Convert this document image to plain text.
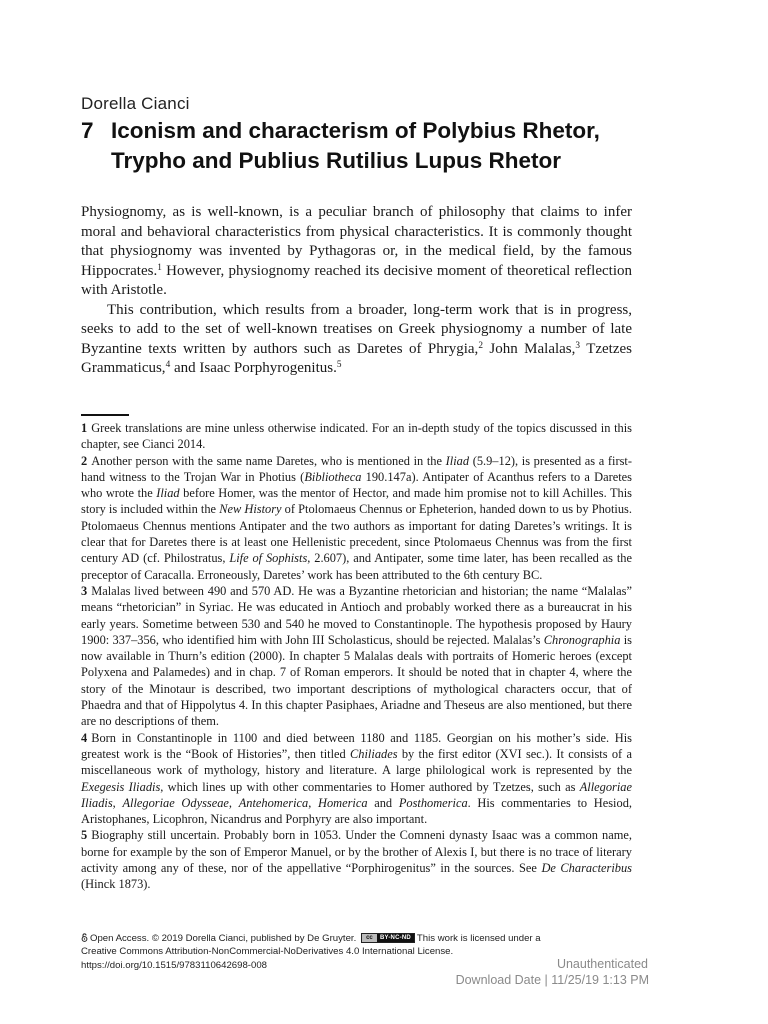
Dorella Cianci
7 Iconism and characterism of Polybius Rhetor, Trypho and Publius Rutilius Lupus Rhetor

Physiognomy, as is well-known, is a peculiar branch of philosophy that claims to infer moral and behavioral characteristics from physical characteristics. It is commonly thought that physiognomy was invented by Pythagoras or, in the medical field, by the famous Hippocrates.$^1$ However, physiognomy reached its decisive moment of theoretical reflection with Aristotle.

This contribution, which results from a broader, long-term work that is in progress, seeks to add to the set of well-known treatises on Greek physiognomy a number of late Byzantine texts written by authors such as Daretes of Phrygia,$^2$ John Malalas,$^3$ Tzetzes Grammaticus,$^4$ and Isaac Porphyrogenitus.$^5$

1 Greek translations are mine unless otherwise indicated. For an in-depth study of the topics discussed in this chapter, see Cianci 2014.

2 Another person with the same name Daretes, who is mentioned in the Iliad (5.9–12), is presented as a first-hand witness to the Trojan War in Photius (Bibliotheca 190.147a). Antipater of Acanthus refers to a Daretes who wrote the Iliad before Homer, was the mentor of Hector, and made him promise not to kill Achilles. This story is included within the New History of Ptolomaeus Chennus or Epheterion, handed down to us by Photius. Ptolomaeus Chennus mentions Antipater and the two authors as important for dating Daretes’s writings. It is clear that for Daretes there is at least one Hellenistic precedent, since Ptolomaeus Chennus was from the first century AD (cf. Philostratus, Life of Sophists, 2.607), and Antipater, some time later, has been recalled as the preceptor of Caracalla. Erroneously, Daretes’ work has been attributed to the 6th century BC.

3 Malalas lived between 490 and 570 AD. He was a Byzantine rhetorician and historian; the name “Malalas” means “rhetorician” in Syriac. He was educated in Antioch and probably worked there as a bureaucrat in his early years. Sometime between 530 and 540 he moved to Constantinople. The hypothesis proposed by Haury 1900: 337–356, who identified him with John III Scholasticus, should be rejected. Malalas’s Chronographia is now available in Thurn’s edition (2000). In chapter 5 Malalas deals with portraits of Homeric heroes (except Polyxena and Palamedes) and in chap. 7 of Roman emperors. It should be noted that in chapter 4, where the story of the Minotaur is described, two important descriptions of mythological characters occur, that of Phaedra and that of Hippolytus 4. In this chapter Pasiphaes, Ariadne and Theseus are also mentioned, but there are no descriptions of them.

4 Born in Constantinople in 1100 and died between 1180 and 1185. Georgian on his mother’s side. His greatest work is the “Book of Histories”, then titled Chiliades by the first editor (XVI sec.). It consists of a miscellaneous work of mythology, history and literature. A large philological work is represented by the Exegesis Iliadis, which lines up with other commentaries to Homer authored by Tzetzes, such as Allegoriae Iliadis, Allegoriae Odysseae, Antehomerica, Homerica and Posthomerica. His commentaries to Hesiod, Aristophanes, Licophron, Nicandrus and Porphyry are also important.

5 Biography still uncertain. Probably born in 1053. Under the Comneni dynasty Isaac was a common name, borne for example by the son of Emperor Manuel, or by the brother of Alexis I, but there is no trace of literary activity among any of these, nor of the appellative “Porphirogenitus” in the sources. See De Characteribus (Hinck 1873).

Open Access. © 2019 Dorella Cianci, published by De Gruyter.	cc	BY-NC-ND This work is licensed under a
Creative Commons Attribution-NonCommercial-NoDerivatives 4.0 International License.
https://doi.org/10.1515/9783110642698-008	Unauthenticated
Download Date | 11/25/19 1:13 PM
